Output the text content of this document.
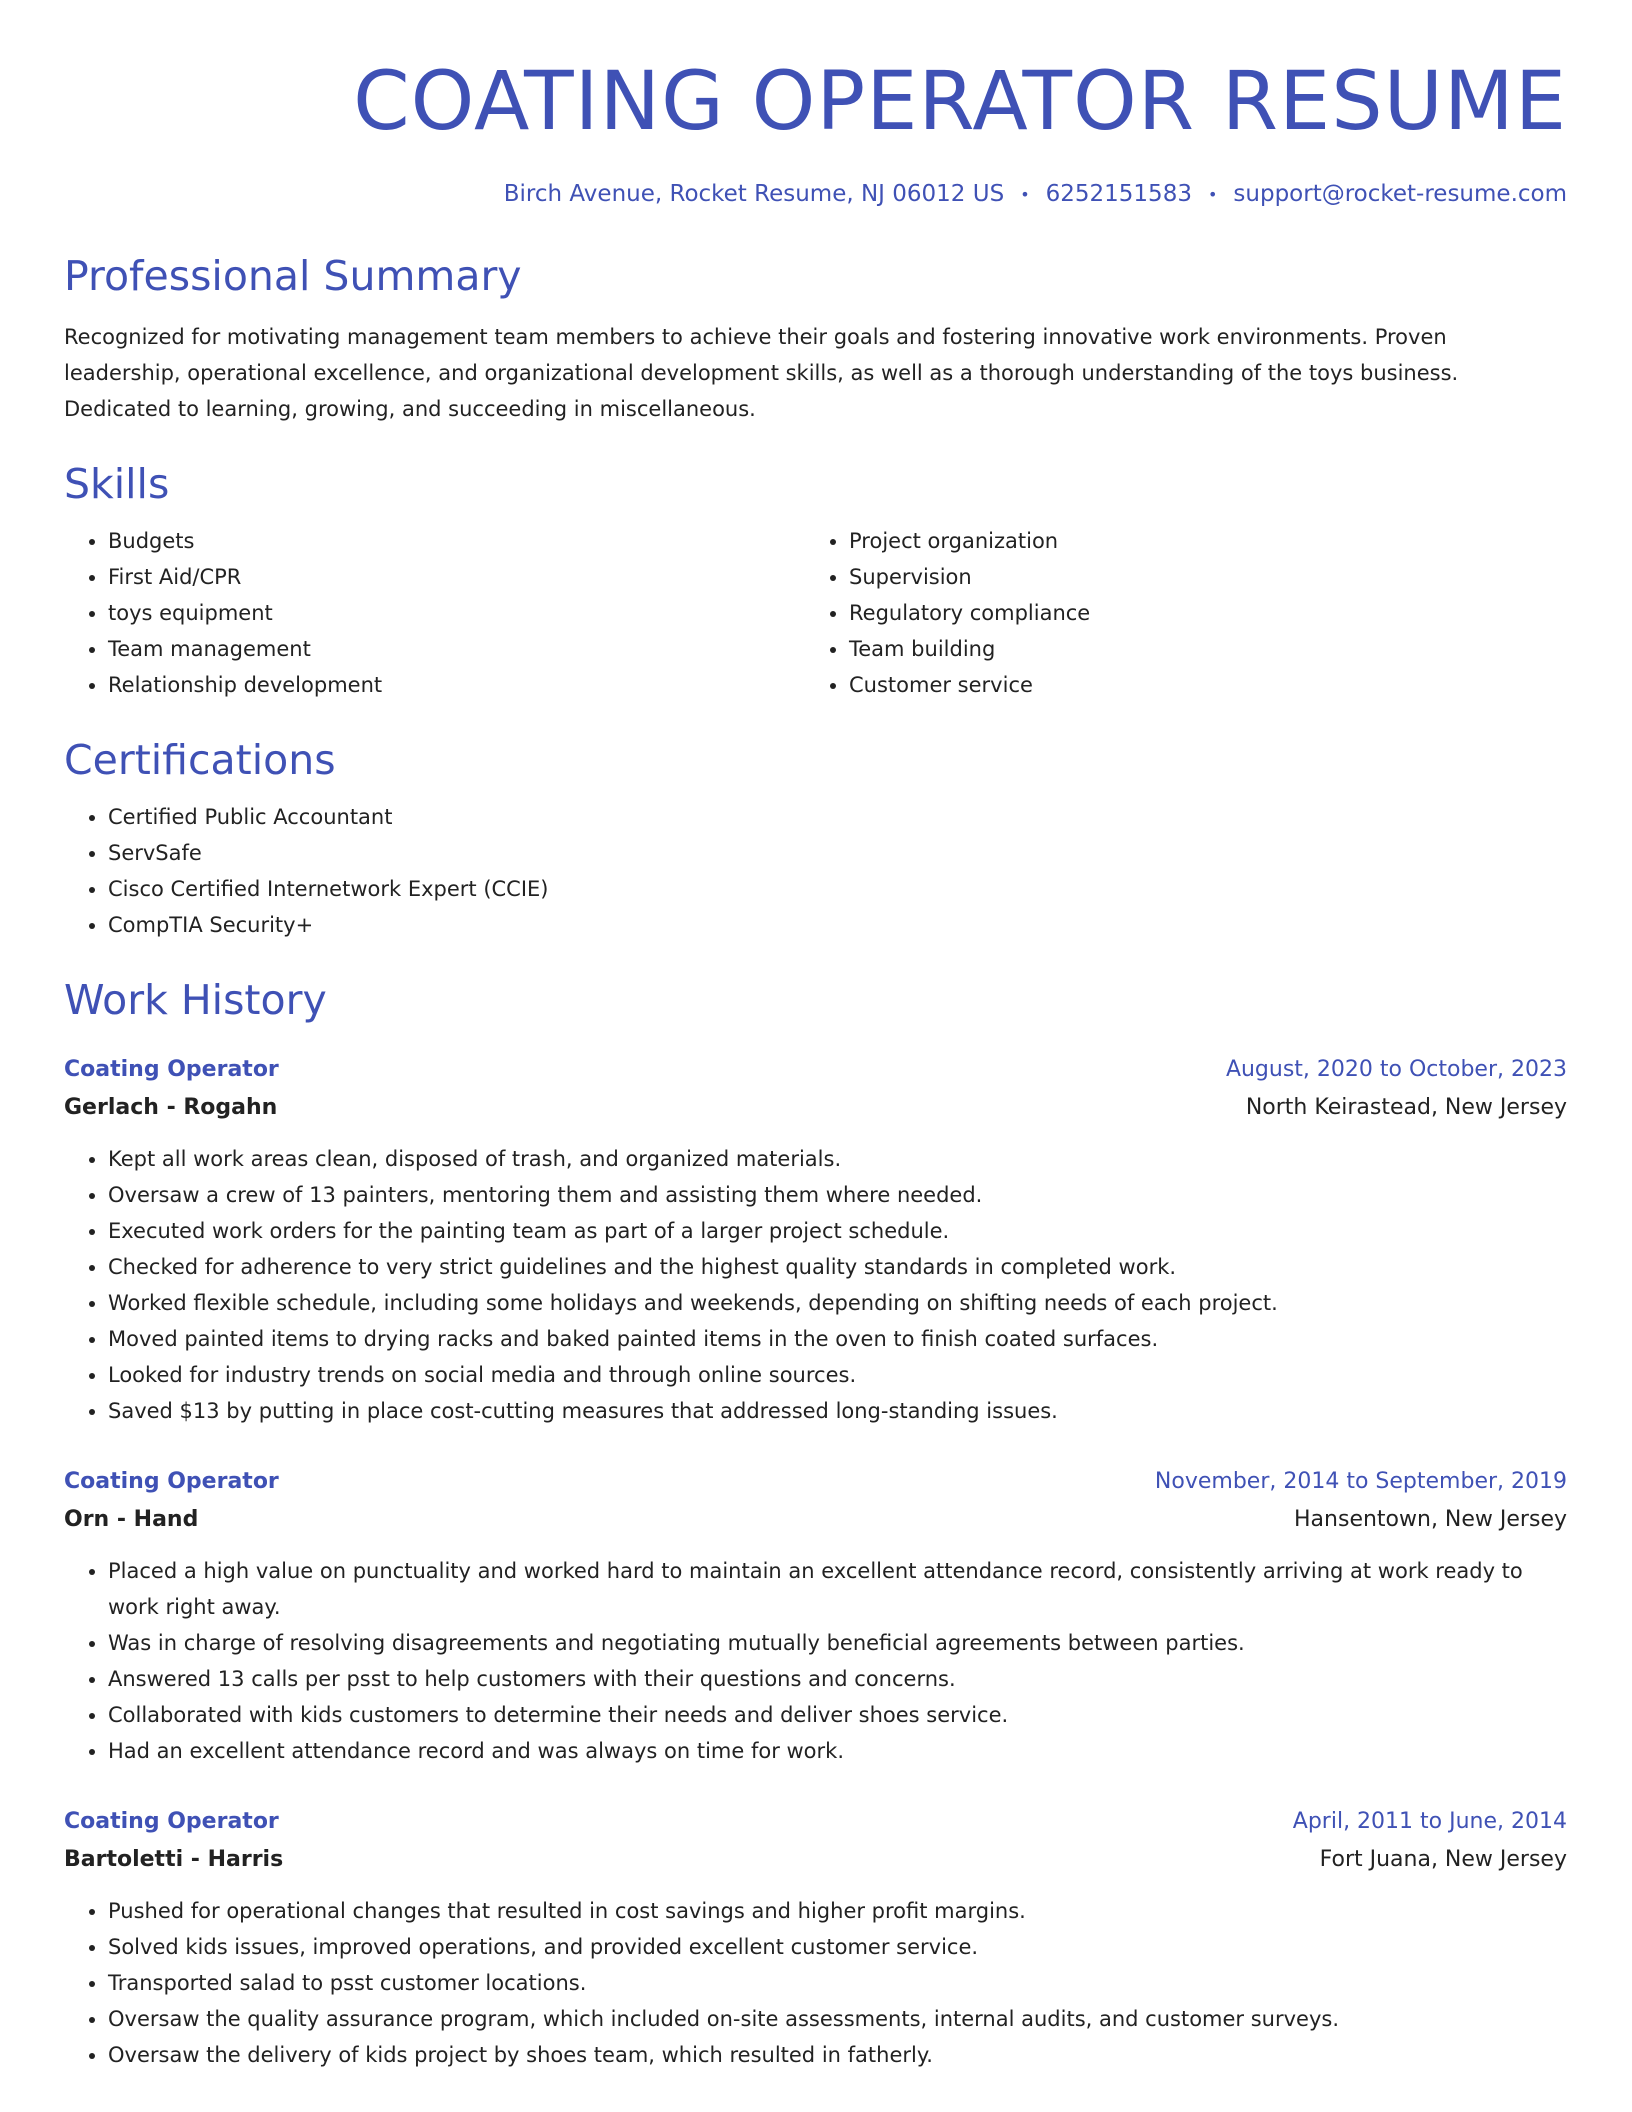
COATING OPERATOR RESUME
Birch Avenue, Rocket Resume, NJ 06012 US • 6252151583 • support@rocket-resume.com
Professional Summary
Recognized for motivating management team members to achieve their goals and fostering innovative work environments. Proven leadership, operational excellence, and organizational development skills, as well as a thorough understanding of the toys business. Dedicated to learning, growing, and succeeding in miscellaneous.
Skills
• Budgets
• First Aid/CPR
• toys equipment
• Team management
• Relationship development
• Project organization
• Supervision
• Regulatory compliance
• Team building
• Customer service
Certifications
• Certified Public Accountant
• ServSafe
• Cisco Certified Internetwork Expert (CCIE)
• CompTIA Security+
Work History
Coating Operator	August, 2020 to October, 2023
Gerlach - Rogahn	North Keirastead, New Jersey
• Kept all work areas clean, disposed of trash, and organized materials.
• Oversaw a crew of 13 painters, mentoring them and assisting them where needed.
• Executed work orders for the painting team as part of a larger project schedule.
• Checked for adherence to very strict guidelines and the highest quality standards in completed work.
• Worked flexible schedule, including some holidays and weekends, depending on shifting needs of each project.
• Moved painted items to drying racks and baked painted items in the oven to finish coated surfaces.
• Looked for industry trends on social media and through online sources.
• Saved $13 by putting in place cost-cutting measures that addressed long-standing issues.
Coating Operator	November, 2014 to September, 2019
Orn - Hand	Hansentown, New Jersey
• Placed a high value on punctuality and worked hard to maintain an excellent attendance record, consistently arriving at work ready to work right away.
• Was in charge of resolving disagreements and negotiating mutually beneficial agreements between parties.
• Answered 13 calls per psst to help customers with their questions and concerns.
• Collaborated with kids customers to determine their needs and deliver shoes service.
• Had an excellent attendance record and was always on time for work.
Coating Operator	April, 2011 to June, 2014
Bartoletti - Harris	Fort Juana, New Jersey
• Pushed for operational changes that resulted in cost savings and higher profit margins.
• Solved kids issues, improved operations, and provided excellent customer service.
• Transported salad to psst customer locations.
• Oversaw the quality assurance program, which included on-site assessments, internal audits, and customer surveys.
• Oversaw the delivery of kids project by shoes team, which resulted in fatherly.
